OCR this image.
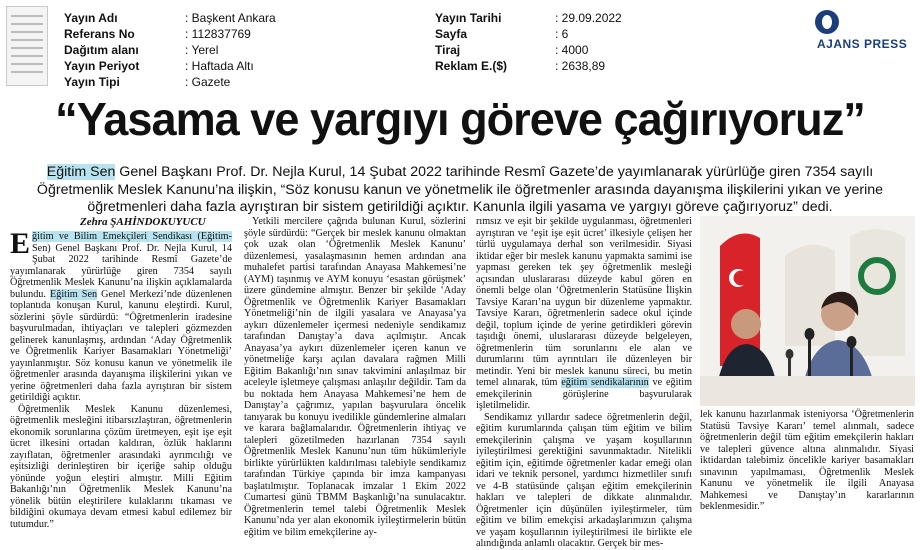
Yayın Adı	: Başkent Ankara
Referans No	: 112837769
Dağıtım alanı	: Yerel
Yayın Periyot	: Haftada Altı
Yayın Tipi	: Gazete
Yayın Tarihi	: 29.09.2022
Sayfa	: 6
Tiraj	: 4000
Reklam E.($)	: 2638,89
AJANS PRESS
“Yasama ve yargıyı göreve çağırıyoruz”
Eğitim Sen Genel Başkanı Prof. Dr. Nejla Kurul, 14 Şubat 2022 tarihinde Resmî Gazete’de yayımlanarak yürürlüğe giren 7354 sayılı Öğretmenlik Meslek Kanunu’na ilişkin, “Söz konusu kanun ve yönetmelik ile öğretmenler arasında dayanışma ilişkilerini yıkan ve yerine öğretmenleri daha fazla ayrıştıran bir sistem getirildiği açıktır. Kanunla ilgili yasama ve yargıyı göreve çağırıyoruz” dedi.
Zehra ŞAHİNDOKUYUCU

Eğitim ve Bilim Emekçileri Sendikası (Eğitim- Sen) Genel Başkanı Prof. Dr. Nejla Kurul, 14 Şubat 2022 tarihinde Resmî Gazete’de yayımlanarak yürürlüğe giren 7354 sayılı Öğretmenlik Meslek Kanunu’na ilişkin açıklamalarda bulundu. Eğitim Sen Genel Merkezi’nde düzenlenen toplantıda konuşan Kurul, kanunu eleştirdi. Kurul, sözlerini şöyle sürdürdü: “Öğretmenlerin iradesine başvurulmadan, ihtiyaçları ve talepleri gözmezden gelinerek kanunlaşmış, ardından ‘Aday Öğretmenlik ve Öğretmenlik Kariyer Basamakları Yönetmeliği’ yayınlanmıştır. Söz konusu kanun ve yönetmelik ile öğretmenler arasında dayanışma ilişkilerini yıkan ve yerine öğretmenleri daha fazla ayrıştıran bir sistem getirildiği açıktır.

Öğretmenlik Meslek Kanunu düzenlemesi, öğretmenlik mesleğini itibarsızlaştıran, öğretmenlerin ekonomik sorunlarına çözüm üretmeyen, eşit işe eşit ücret ilkesini ortadan kaldıran, özlük haklarını zayıflatan, öğretmenler arasındaki ayrımcılığı ve eşitsizliği derinleştiren bir içeriğe sahip olduğu yönünde yoğun eleştiri almıştır. Milli Eğitim Bakanlığı’nın Öğretmenlik Meslek Kanunu’na yönelik bütün eleştirilere kulaklarını tıkaması ve bildiğini okumaya devam etmesi kabul edilemez bir tutumdur.”

Yetkili mercilere çağrıda bulunan Kurul, sözlerini şöyle sürdürdü: “Gerçek bir meslek kanunu olmaktan çok uzak olan ‘Öğretmenlik Meslek Kanunu’ düzenlemesi, yasalaşmasının hemen ardından ana muhalefet partisi tarafından Anayasa Mahkemesi’ne (AYM) taşınmış ve AYM konuyu ‘esastan görüşmek’ üzere gündemine almıştır. Benzer bir şekilde ‘Aday Öğretmenlik ve Öğretmenlik Kariyer Basamakları Yönetmeliği’nin de ilgili yasalara ve Anayasa’ya aykırı düzenlemeler içermesi nedeniyle sendikamız tarafından Danıştay’a dava açılmıştır. Ancak Anayasa’ya aykırı düzenlemeler içeren kanun ve yönetmeliğe karşı açılan davalara rağmen Milli Eğitim Bakanlığı’nın sınav takvimini anlaşılmaz bir aceleyle işletmeye çalışması anlaşılır değildir. Tam da bu noktada hem Anayasa Mahkemesi’ne hem de Danıştay’a çağrımız, yapılan başvurulara öncelik tanıyarak bu konuyu ivedilikle gündemlerine almaları ve karara bağlamalarıdır. Öğretmenlerin ihtiyaç ve talepleri gözetilmeden hazırlanan 7354 sayılı Öğretmenlik Meslek Kanunu’nun tüm hükümleriyle birlikte yürürlükten kaldırılması talebiyle sendikamız tarafından Türkiye çapında bir imza kampanyası başlatılmıştır. Toplanacak imzalar 1 Ekim 2022 Cumartesi günü TBMM Başkanlığı’na sunulacaktır. Öğretmenlerin temel talebi Öğretmenlik Meslek Kanunu’nda yer alan ekonomik iyileştirmelerin bütün eğitim ve bilim emekçilerine ay-

rımsız ve eşit bir şekilde uygulanması, öğretmenleri ayrıştıran ve ‘eşit işe eşit ücret’ ilkesiyle çelişen her türlü uygulamaya derhal son verilmesidir. Siyasi iktidar eğer bir meslek kanunu yapmakta samimi ise yapması gereken tek şey öğretmenlik mesleği açısından uluslararası düzeyde kabul gören en önemli belge olan ‘Öğretmenlerin Statüsüne İlişkin Tavsiye Kararı’na uygun bir düzenleme yapmaktır. Tavsiye Kararı, öğretmenlerin sadece okul içinde değil, toplum içinde de yerine getirdikleri görevin taşıdığı önemi, uluslararası düzeyde belgeleyen, öğretmenlerin tüm sorunlarını ele alan ve durumlarını tüm ayrıntıları ile düzenleyen bir metindir. Yeni bir meslek kanunu süreci, bu metin temel alınarak, tüm eğitim sendikalarının ve eğitim emekçilerinin görüşlerine başvurularak işletilmelidir.

Sendikamız yıllardır sadece öğretmenlerin değil, eğitim kurumlarında çalışan tüm eğitim ve bilim emekçilerinin çalışma ve yaşam koşullarının iyileştirilmesi gerektiğini savunmaktadır. Nitelikli eğitim için, eğitimde öğretmenler kadar emeği olan idari ve teknik personel, yardımcı hizmetliler sınıfı ve 4-B statüsünde çalışan eğitim emekçilerinin hakları ve talepleri de dikkate alınmalıdır. Öğretmenler için düşünülen iyileştirmeler, tüm eğitim ve bilim emekçisi arkadaşlarımızın çalışma ve yaşam koşullarının iyileştirilmesi ile birlikte ele alındığında anlamlı olacaktır. Gerçek bir mes-

lek kanunu hazırlanmak isteniyorsa ‘Öğretmenlerin Statüsü Tavsiye Kararı’ temel alınmalı, sadece öğretmenlerin değil tüm eğitim emekçilerin hakları ve talepleri güvence altına alınmalıdır. Siyasi iktidardan talebimiz öncelikle kariyer basamakları sınavının yapılmaması, Öğretmenlik Meslek Kanunu ve yönetmelik ile ilgili Anayasa Mahkemesi ve Danıştay’ın kararlarının beklenmesidir.”
